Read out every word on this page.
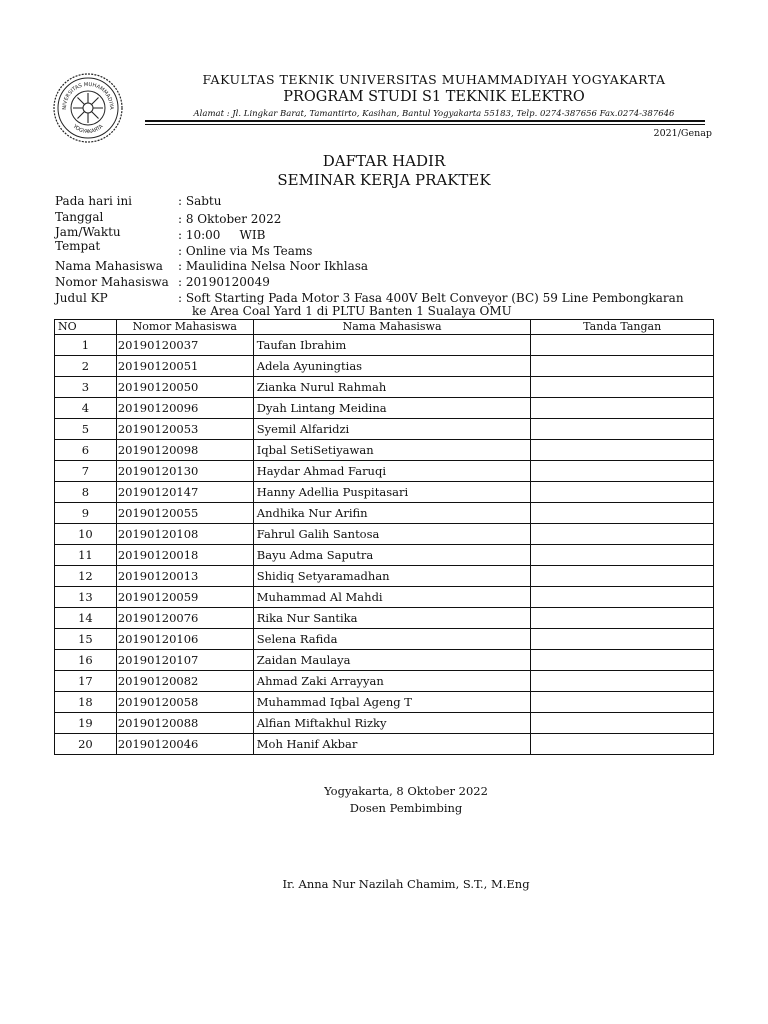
NIVERSITAS MUHAMMADIYA
YOGYAKARTA
FAKULTAS TEKNIK UNIVERSITAS MUHAMMADIYAH YOGYAKARTA
PROGRAM STUDI S1 TEKNIK ELEKTRO
Alamat : Jl. Lingkar Barat, Tamantirto, Kasihan, Bantul Yogyakarta 55183, Telp. 0274-387656 Fax.0274-387646
2021/Genap
DAFTAR HADIR
SEMINAR KERJA PRAKTEK
Pada hari ini	: Sabtu
Tanggal	: 8 Oktober 2022
Jam/Waktu	: 10:00     WIB
Tempat	: Online via Ms Teams
Nama Mahasiswa : Maulidina Nelsa Noor Ikhlasa
Nomor Mahasiswa : 20190120049
Judul KP	: Soft Starting Pada Motor 3 Fasa 400V Belt Conveyor (BC) 59 Line Pembongkaran
ke Area Coal Yard 1 di PLTU Banten 1 Sualaya OMU
NO	Nomor Mahasiswa	Nama Mahasiswa	Tanda Tangan
1	20190120037	Taufan Ibrahim	
2	20190120051	Adela Ayuningtias	
3	20190120050	Zianka Nurul Rahmah	
4	20190120096	Dyah Lintang Meidina	
5	20190120053	Syemil Alfaridzi	
6	20190120098	Iqbal SetiSetiyawan	
7	20190120130	Haydar Ahmad Faruqi	
8	20190120147	Hanny Adellia Puspitasari	
9	20190120055	Andhika Nur Arifin	
10	20190120108	Fahrul Galih Santosa	
11	20190120018	Bayu Adma Saputra	
12	20190120013	Shidiq Setyaramadhan	
13	20190120059	Muhammad Al Mahdi	
14	20190120076	Rika Nur Santika	
15	20190120106	Selena Rafida	
16	20190120107	Zaidan Maulaya	
17	20190120082	Ahmad Zaki Arrayyan	
18	20190120058	Muhammad Iqbal Ageng T	
19	20190120088	Alfian Miftakhul Rizky	
20	20190120046	Moh Hanif Akbar	
Yogyakarta, 8 Oktober 2022
Dosen Pembimbing
Ir. Anna Nur Nazilah Chamim, S.T., M.Eng
